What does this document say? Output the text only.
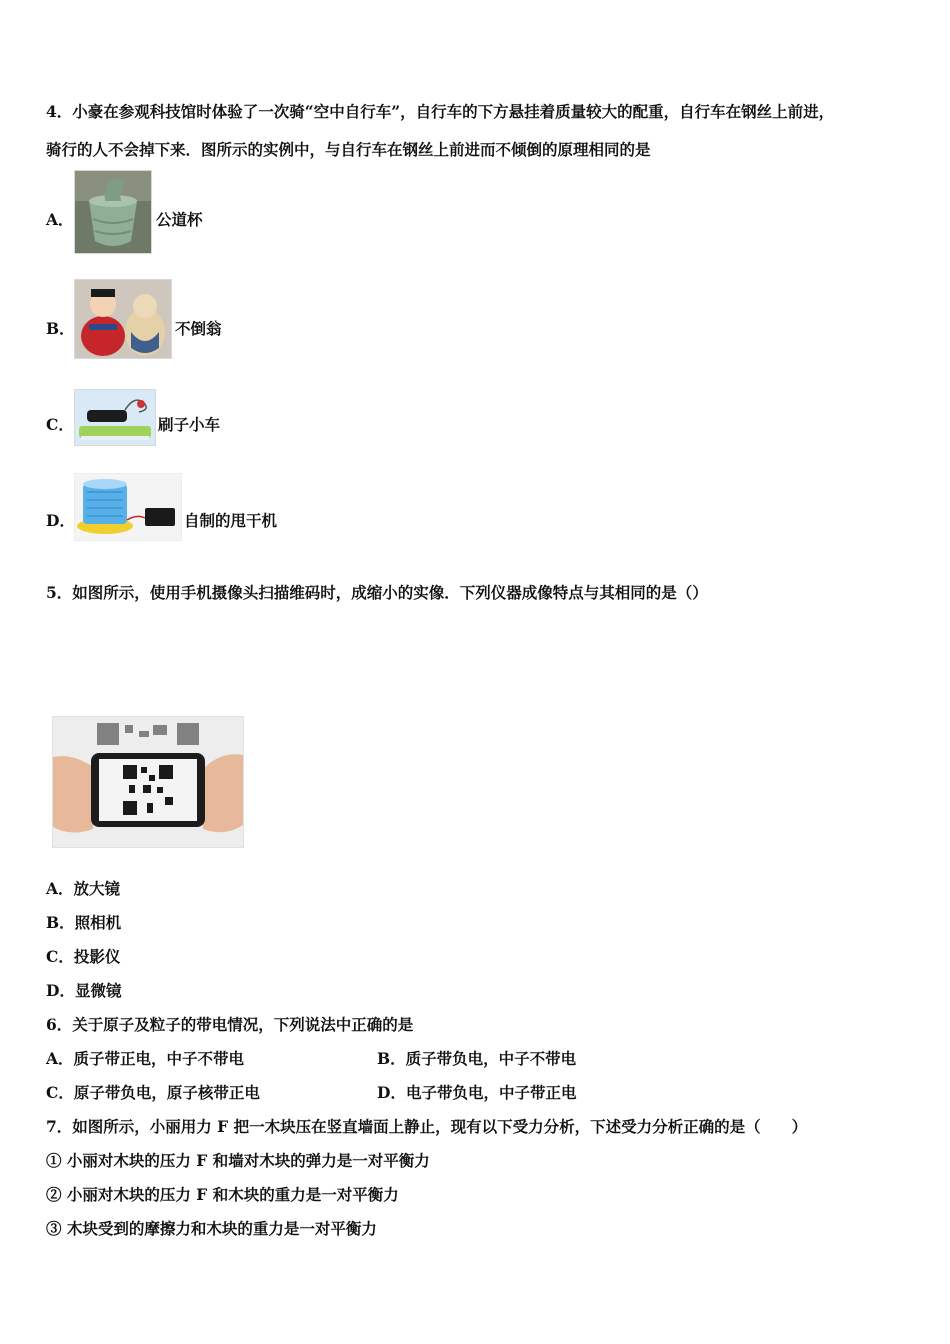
4．小豪在参观科技馆时体验了一次骑“空中自行车”，自行车的下方悬挂着质量较大的配重，自行车在钢丝上前进，
骑行的人不会掉下来．图所示的实例中，与自行车在钢丝上前进而不倾倒的原理相同的是
A．	公道杯
B．	不倒翁
C．	刷子小车
D．	自制的甩干机
5．如图所示，使用手机摄像头扫描维码时，成缩小的实像．下列仪器成像特点与其相同的是（）
A．放大镜
B．照相机
C．投影仪
D．显微镜
6．关于原子及粒子的带电情况，下列说法中正确的是
A．质子带正电，中子不带电	B．质子带负电，中子不带电
C．原子带负电，原子核带正电	D．电子带负电，中子带正电
7．如图所示，小丽用力 F 把一木块压在竖直墙面上静止，现有以下受力分析，下述受力分析正确的是（　　）
① 小丽对木块的压力 F 和墙对木块的弹力是一对平衡力
② 小丽对木块的压力 F 和木块的重力是一对平衡力
③ 木块受到的摩擦力和木块的重力是一对平衡力
